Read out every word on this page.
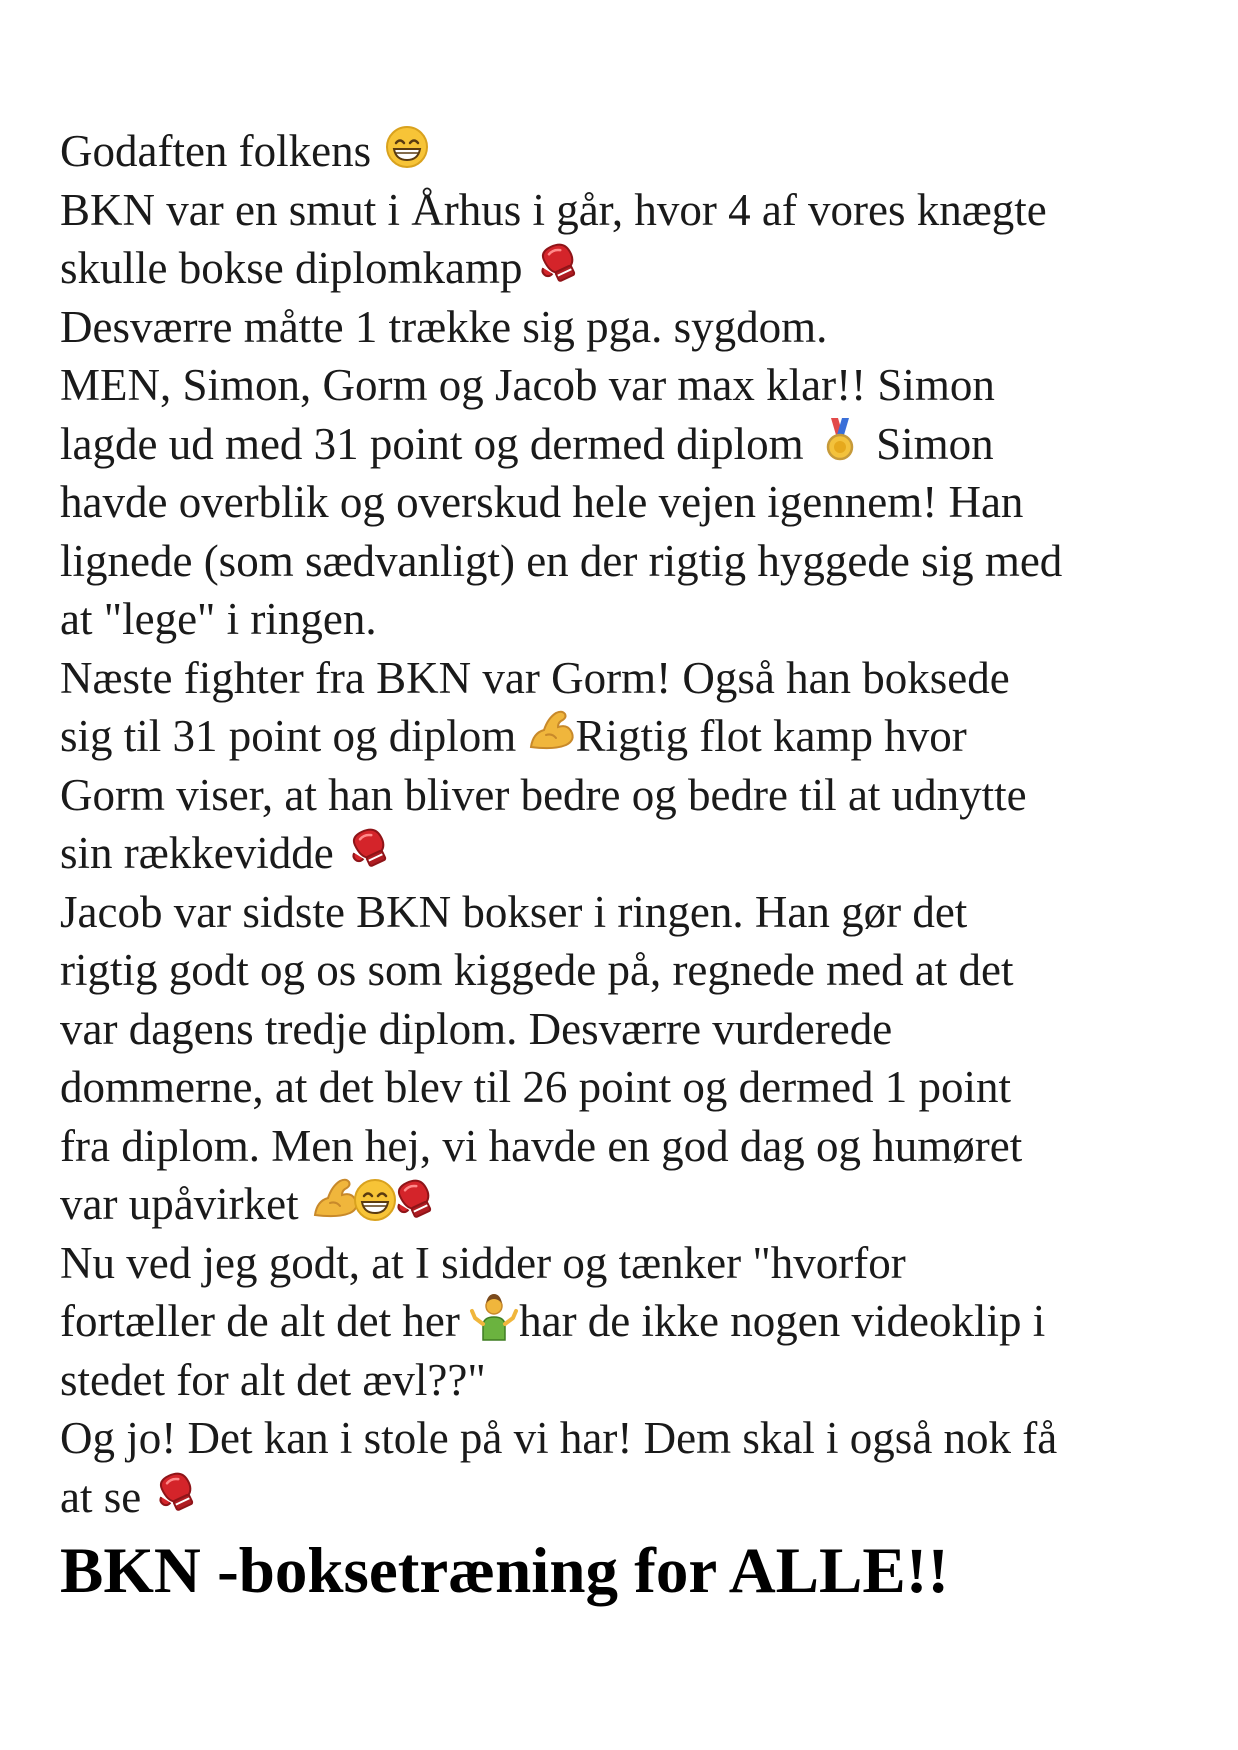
Godaften folkens
BKN var en smut i Århus i går, hvor 4 af vores knægte
skulle bokse diplomkamp
Desværre måtte 1 trække sig pga. sygdom.
MEN, Simon, Gorm og Jacob var max klar!! Simon
lagde ud med 31 point og dermed diplom Simon
havde overblik og overskud hele vejen igennem! Han
lignede (som sædvanligt) en der rigtig hyggede sig med
at "lege" i ringen.
Næste fighter fra BKN var Gorm! Også han boksede
sig til 31 point og diplom Rigtig flot kamp hvor
Gorm viser, at han bliver bedre og bedre til at udnytte
sin rækkevidde
Jacob var sidste BKN bokser i ringen. Han gør det
rigtig godt og os som kiggede på, regnede med at det
var dagens tredje diplom. Desværre vurderede
dommerne, at det blev til 26 point og dermed 1 point
fra diplom. Men hej, vi havde en god dag og humøret
var upåvirket
Nu ved jeg godt, at I sidder og tænker "hvorfor
fortæller de alt det her har de ikke nogen videoklip i
stedet for alt det ævl??"
Og jo! Det kan i stole på vi har! Dem skal i også nok få
at se
BKN -boksetræning for ALLE!!
